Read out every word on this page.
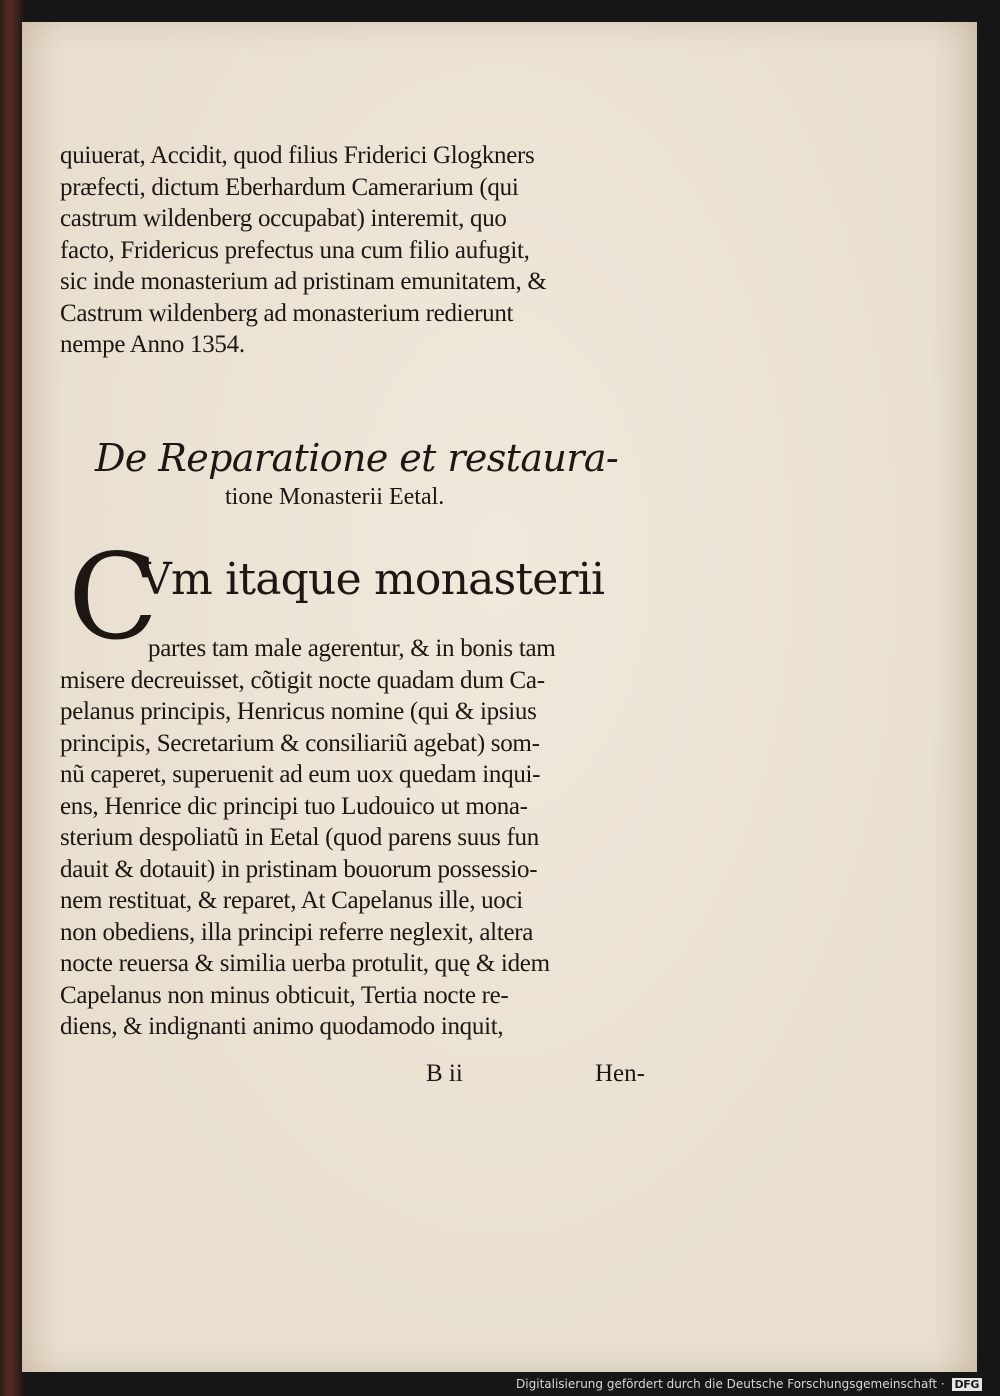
quiuerat, Accidit, quod filius Friderici Glogkners
præfecti, dictum Eberhardum Camerarium (qui
castrum wildenberg occupabat) interemit, quo
facto, Fridericus prefectus una cum filio aufugit,
sic inde monasterium ad pristinam emunitatem, &
Castrum wildenberg ad monasterium redierunt
nempe Anno 1354.
De Reparatione et restaura-
tione Monasterii Eetal.
C
Vm itaque monasterii
partes tam male agerentur, & in bonis tam
misere decreuisset, cõtigit nocte quadam dum Ca-
pelanus principis, Henricus nomine (qui & ipsius
principis, Secretarium & consiliariũ agebat) som-
nũ caperet, superuenit ad eum uox quedam inqui-
ens, Henrice dic principi tuo Ludouico ut mona-
sterium despoliatũ in Eetal (quod parens suus fun
dauit & dotauit) in pristinam bouorum possessio-
nem restituat, & reparet, At Capelanus ille, uoci
non obediens, illa principi referre neglexit, altera
nocte reuersa & similia uerba protulit, quę & idem
Capelanus non minus obticuit, Tertia nocte re-
diens, & indignanti animo quodamodo inquit,
B ii	Hen-
Digitalisierung gefördert durch die Deutsche Forschungsgemeinschaft · DFG
